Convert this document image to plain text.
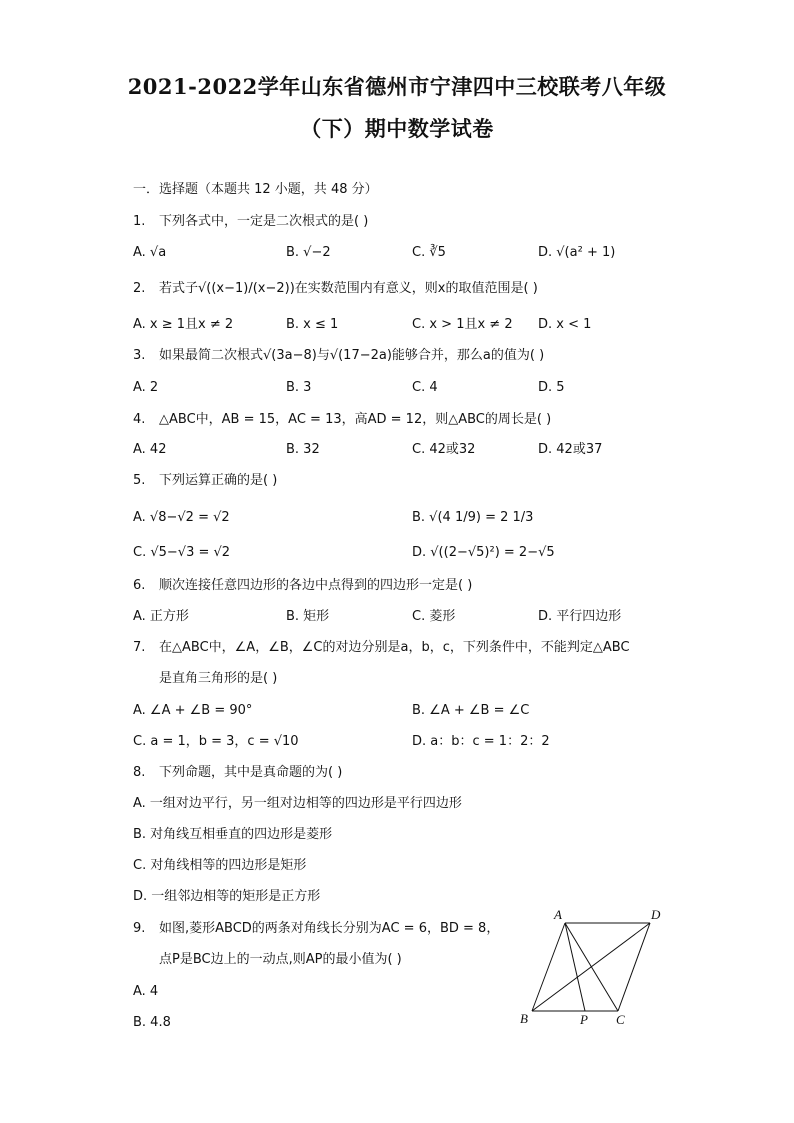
2021-2022学年山东省德州市宁津四中三校联考八年级
（下）期中数学试卷
一．选择题（本题共 12 小题，共 48 分）
1. 下列各式中，一定是二次根式的是( )
A. √a	B. √−2	C. ∛5	D. √(a² + 1)
2. 若式子√((x−1)/(x−2))在实数范围内有意义，则x的取值范围是( )
A. x ≥ 1且x ≠ 2	B. x ≤ 1	C. x > 1且x ≠ 2 D. x < 1
3. 如果最简二次根式√(3a−8)与√(17−2a)能够合并，那么a的值为( )
A. 2	B. 3	C. 4	D. 5
4. △ABC中，AB = 15，AC = 13，高AD = 12，则△ABC的周长是( )
A. 42	B. 32	C. 42或32	D. 42或37
5. 下列运算正确的是( )
A. √8−√2 = √2	B. √(4 1/9) = 2 1/3
C. √5−√3 = √2	D. √((2−√5)²) = 2−√5
6. 顺次连接任意四边形的各边中点得到的四边形一定是( )
A. 正方形	B. 矩形	C. 菱形	D. 平行四边形
7. 在△ABC中，∠A，∠B，∠C的对边分别是a，b，c，下列条件中，不能判定△ABC
是直角三角形的是( )
A. ∠A + ∠B = 90°	B. ∠A + ∠B = ∠C
C. a = 1，b = 3，c = √10	D. a：b：c = 1：2：2
8. 下列命题，其中是真命题的为( )
A. 一组对边平行，另一组对边相等的四边形是平行四边形
B. 对角线互相垂直的四边形是菱形
C. 对角线相等的四边形是矩形
D. 一组邻边相等的矩形是正方形
9. 如图,菱形ABCD的两条对角线长分别为AC = 6，BD = 8，
点P是BC边上的一动点,则AP的最小值为( )
A. 4
B. 4.8
A	D
B	P C
